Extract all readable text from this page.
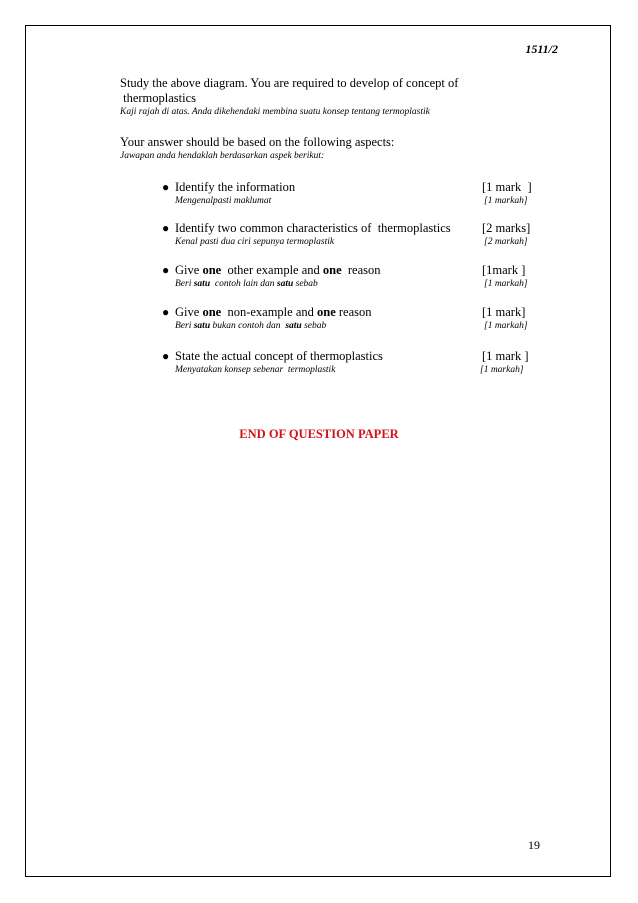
1511/2
Study the above diagram. You are required to develop of concept of
thermoplastics
Kaji rajah di atas. Anda dikehendaki membina suatu konsep tentang termoplastik
Your answer should be based on the following aspects:
Jawapan anda hendaklah berdasarkan aspek berikut:
● Identify the information	[1 mark  ]
Mengenalpasti maklumat	[1 markah]
● Identify two common characteristics of  thermoplastics	[2 marks]
Kenal pasti dua ciri sepunya termoplastik	[2 markah]
● Give one  other example and one  reason	[1mark ]
Beri satu  contoh lain dan satu sebab	[1 markah]
● Give one  non-example and one reason	[1 mark]
Beri satu bukan contoh dan  satu sebab	[1 markah]
● State the actual concept of thermoplastics	[1 mark ]
Menyatakan konsep sebenar  termoplastik	[1 markah]
END OF QUESTION PAPER
19
